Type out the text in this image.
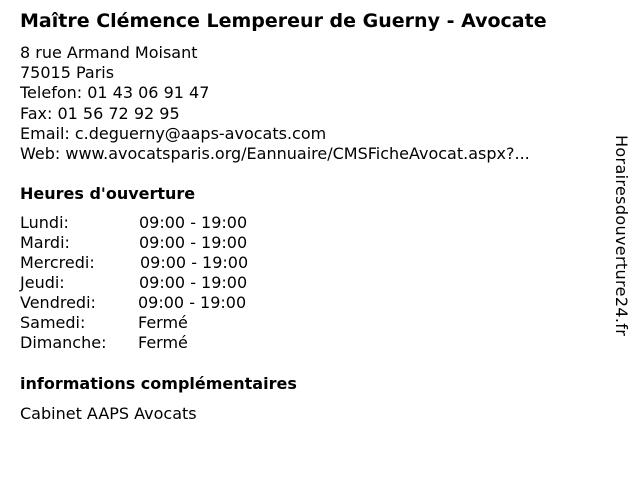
Maître Clémence Lempereur de Guerny - Avocate
8 rue Armand Moisant
75015 Paris
Telefon: 01 43 06 91 47
Fax: 01 56 72 92 95
Email: c.deguerny@aaps-avocats.com
Web: www.avocatsparis.org/Eannuaire/CMSFicheAvocat.aspx?...
Heures d'ouverture
Lundi:	09:00 - 19:00
Mardi:	09:00 - 19:00
Mercredi:	09:00 - 19:00
Jeudi:	09:00 - 19:00
Vendredi:	09:00 - 19:00
Samedi:	Fermé
Dimanche: Fermé
informations complémentaires
Cabinet AAPS Avocats
Horairesdouverture24.fr
